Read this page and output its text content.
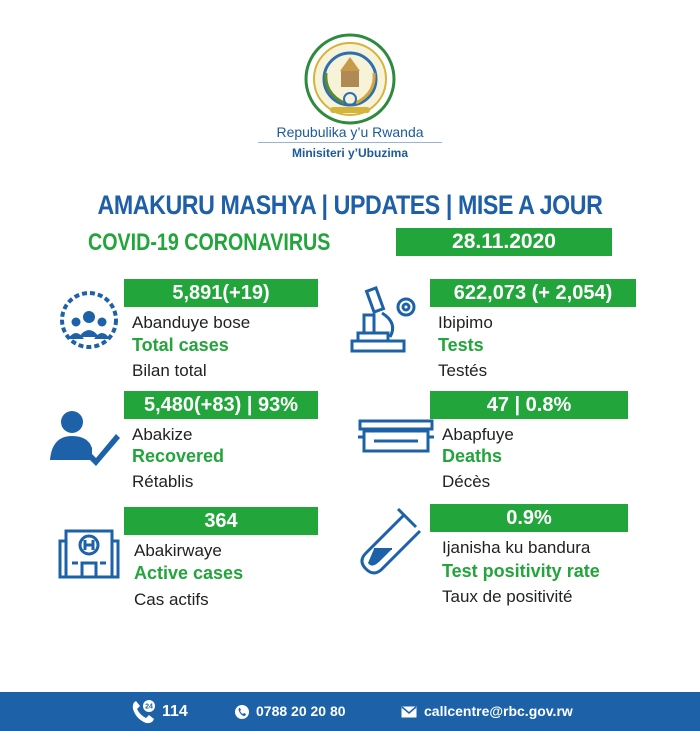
Repubulika y’u Rwanda
Minisiteri y’Ubuzima
AMAKURU MASHYA | UPDATES | MISE A JOUR
COVID-19 CORONAVIRUS	28.11.2020
5,891(+19)
Abanduye bose
Total cases
Bilan total
622,073 (+ 2,054)
Ibipimo
Tests
Testés
5,480(+83) | 93%
Abakize
Recovered
Rétablis
47 | 0.8%
Abapfuye
Deaths
Décès
364
Abakirwaye
Active cases
Cas actifs
0.9%
Ijanisha ku bandura
Test positivity rate
Taux de positivité
24 114	0788 20 20 80	callcentre@rbc.gov.rw
